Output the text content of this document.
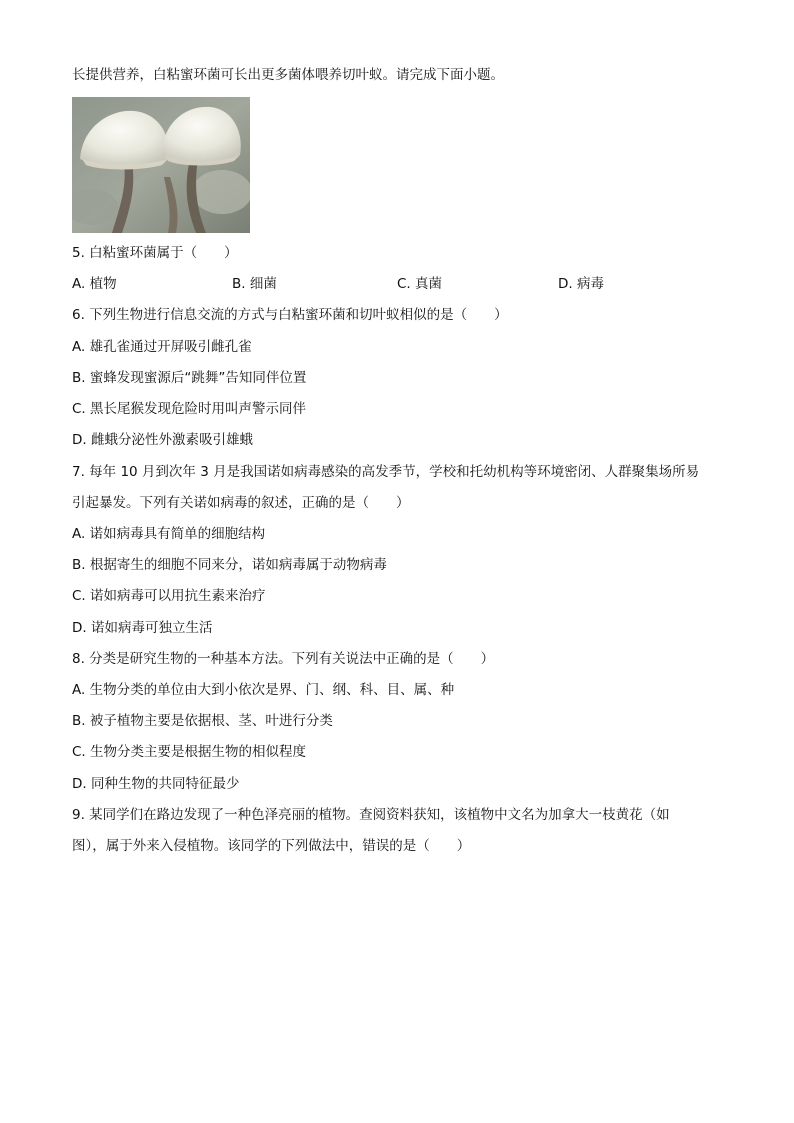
长提供营养，白粘蜜环菌可长出更多菌体喂养切叶蚁。请完成下面小题。
5. 白粘蜜环菌属于（　　）
A. 植物	B. 细菌	C. 真菌	D. 病毒
6. 下列生物进行信息交流的方式与白粘蜜环菌和切叶蚁相似的是（　　）
A. 雄孔雀通过开屏吸引雌孔雀
B. 蜜蜂发现蜜源后“跳舞”告知同伴位置
C. 黑长尾猴发现危险时用叫声警示同伴
D. 雌蛾分泌性外激素吸引雄蛾
7. 每年 10 月到次年 3 月是我国诺如病毒感染的高发季节，学校和托幼机构等环境密闭、人群聚集场所易
引起暴发。下列有关诺如病毒的叙述，正确的是（　　）
A. 诺如病毒具有简单的细胞结构
B. 根据寄生的细胞不同来分，诺如病毒属于动物病毒
C. 诺如病毒可以用抗生素来治疗
D. 诺如病毒可独立生活
8. 分类是研究生物的一种基本方法。下列有关说法中正确的是（　　）
A. 生物分类的单位由大到小依次是界、门、纲、科、目、属、种
B. 被子植物主要是依据根、茎、叶进行分类
C. 生物分类主要是根据生物的相似程度
D. 同种生物的共同特征最少
9. 某同学们在路边发现了一种色泽亮丽的植物。查阅资料获知，该植物中文名为加拿大一枝黄花（如
图），属于外来入侵植物。该同学的下列做法中，错误的是（　　）
